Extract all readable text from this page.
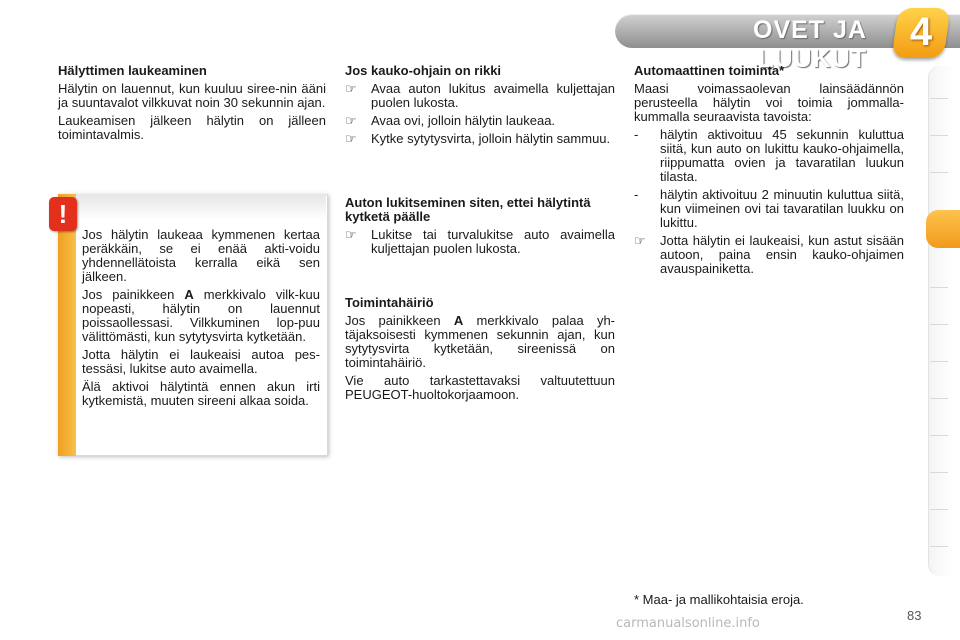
OVET JA LUUKUT
4
Hälyttimen laukeaminen

Hälytin on lauennut, kun kuuluu siree-nin ääni ja suuntavalot vilkkuvat noin 30 sekunnin ajan.

Laukeamisen jälkeen hälytin on jälleen toimintavalmis.

!

Jos hälytin laukeaa kymmenen kertaa peräkkäin, se ei enää akti-voidu yhdennellätoista kerralla eikä sen jälkeen.

Jos painikkeen A merkkivalo vilk-kuu nopeasti, hälytin on lauennut poissaollessasi. Vilkkuminen lop-puu välittömästi, kun sytytysvirta kytketään.

Jotta hälytin ei laukeaisi autoa pes-tessäsi, lukitse auto avaimella.

Älä aktivoi hälytintä ennen akun irti kytkemistä, muuten sireeni alkaa soida.

Jos kauko-ohjain on rikki
☞	Avaa auton lukitus avaimella kuljettajan puolen lukosta.
☞	Avaa ovi, jolloin hälytin laukeaa.
☞	Kytke sytytysvirta, jolloin hälytin sammuu.
Auton lukitseminen siten, ettei hälytintä kytketä päälle
☞	Lukitse tai turvalukitse auto avaimella kuljettajan puolen lukosta.
Toimintahäiriö

Jos painikkeen A merkkivalo palaa yh-täjaksoisesti kymmenen sekunnin ajan, kun sytytysvirta kytketään, sireenissä on toimintahäiriö.

Vie auto tarkastettavaksi valtuutettuun PEUGEOT-huoltokorjaamoon.

Automaattinen toiminta*

Maasi voimassaolevan lainsäädännön perusteella hälytin voi toimia jommalla-kummalla seuraavista tavoista:

-	hälytin aktivoituu 45 sekunnin kuluttua siitä, kun auto on lukittu kauko-ohjaimella, riippumatta ovien ja tavaratilan luukun tilasta.
-	hälytin aktivoituu 2 minuutin kuluttua siitä, kun viimeinen ovi tai tavaratilan luukku on lukittu.
☞	Jotta hälytin ei laukeaisi, kun astut sisään autoon, paina ensin kauko-ohjaimen avauspainiketta.
* Maa- ja mallikohtaisia eroja.
83
carmanualsonline.info
